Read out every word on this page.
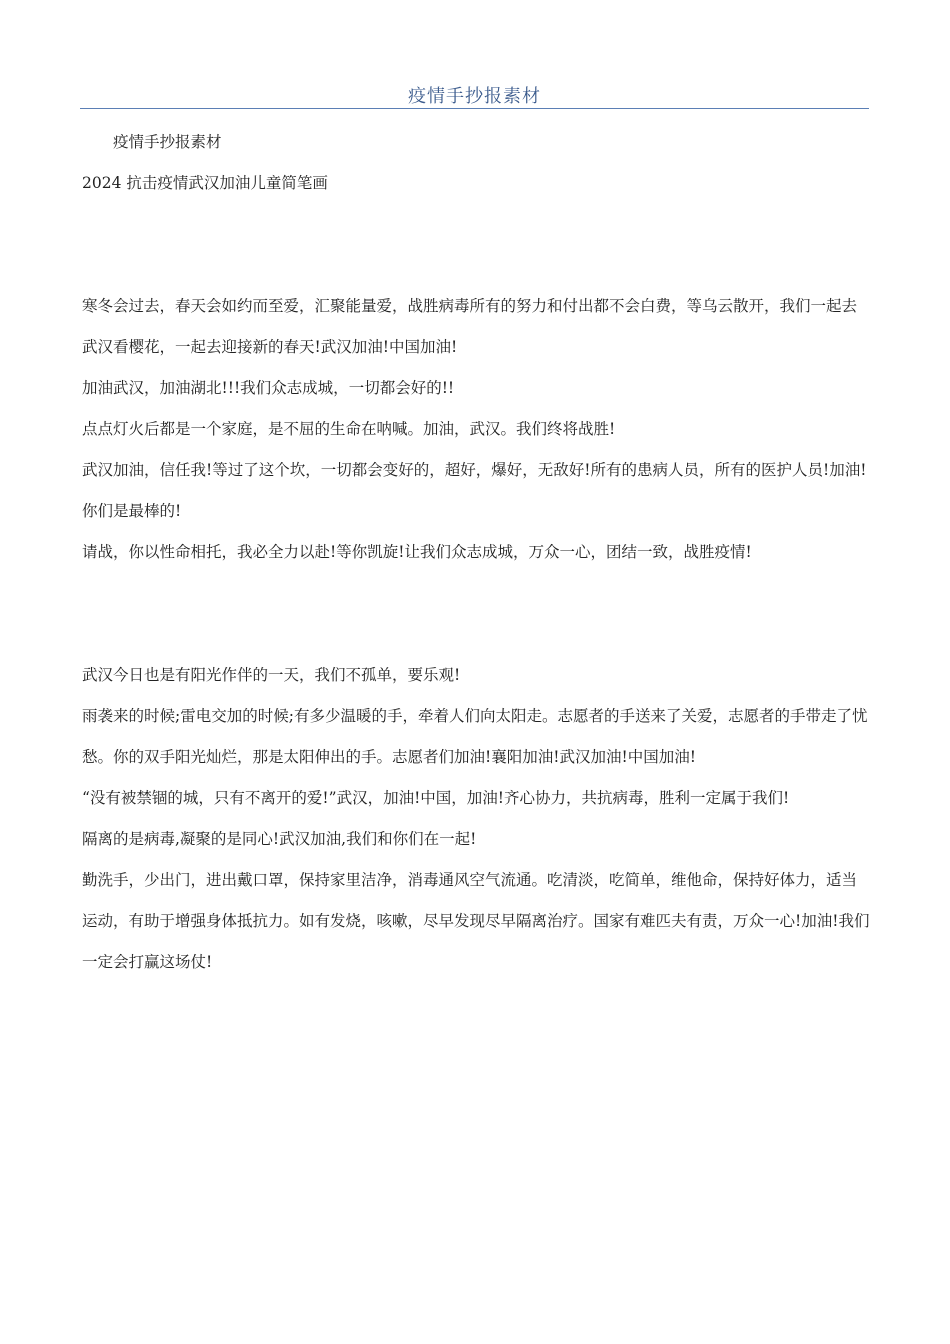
疫情手抄报素材

疫情手抄报素材

2024 抗击疫情武汉加油儿童简笔画

寒冬会过去，春天会如约而至爱，汇聚能量爱，战胜病毒所有的努力和付出都不会白费，等乌云散开，我们一起去武汉看樱花，一起去迎接新的春天!武汉加油!中国加油!

加油武汉，加油湖北!!!我们众志成城，一切都会好的!!

点点灯火后都是一个家庭，是不屈的生命在呐喊。加油，武汉。我们终将战胜!

武汉加油，信任我!等过了这个坎，一切都会变好的，超好，爆好，无敌好!所有的患病人员，所有的医护人员!加油!你们是最棒的!

请战，你以性命相托，我必全力以赴!等你凯旋!让我们众志成城，万众一心，团结一致，战胜疫情!

武汉今日也是有阳光作伴的一天，我们不孤单，要乐观!

雨袭来的时候;雷电交加的时候;有多少温暖的手，牵着人们向太阳走。志愿者的手送来了关爱，志愿者的手带走了忧愁。你的双手阳光灿烂，那是太阳伸出的手。志愿者们加油!襄阳加油!武汉加油!中国加油!

“没有被禁锢的城，只有不离开的爱!”武汉，加油!中国，加油!齐心协力，共抗病毒，胜利一定属于我们!

隔离的是病毒,凝聚的是同心!武汉加油,我们和你们在一起!

勤洗手，少出门，进出戴口罩，保持家里洁净，消毒通风空气流通。吃清淡，吃简单，维他命，保持好体力，适当运动，有助于增强身体抵抗力。如有发烧，咳嗽，尽早发现尽早隔离治疗。国家有难匹夫有责，万众一心!加油!我们一定会打赢这场仗!
